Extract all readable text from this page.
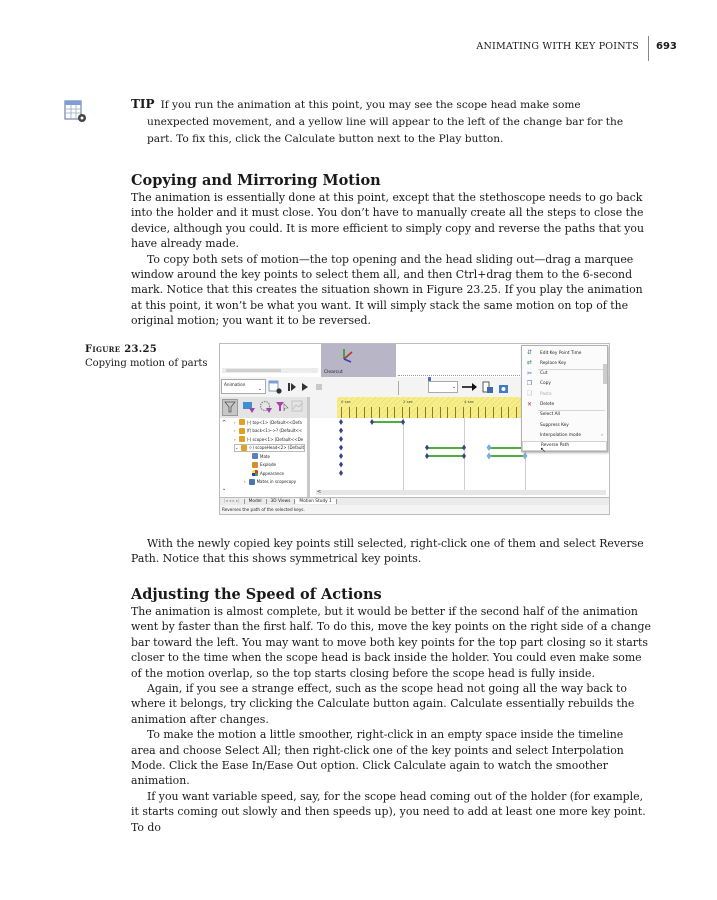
ANIMATING WITH KEY POINTS 693
TIP If you run the animation at this point, you may see the scope head make some unexpected movement, and a yellow line will appear to the left of the change bar for the part. To fix this, click the Calculate button next to the Play button.
Copying and Mirroring Motion

The animation is essentially done at this point, except that the stethoscope needs to go back into the holder and it must close. You don’t have to manually create all the steps to close the device, although you could. It is more efficient to simply copy and reverse the paths that you have already made.

To copy both sets of motion—the top opening and the head sliding out—drag a marquee window around the key points to select them all, and then Ctrl+drag them to the 6-second mark. Notice that this creates the situation shown in Figure 23.25. If you play the animation at this point, it won’t be what you want. It will simply stack the same motion on top of the original motion; you want it to be reversed.

Figure 23.25
Copying motion of parts
Clearcut
Animation
⌄	⌄
0 sec	2 sec	4 sec
^ ›	(-) top<1> (Default<<Defa
›	(f) back<1>->? (Default<<
›	(-) scope<1> (Default<<De
⌄	(-) scopeHead<2> (Default
Mate
Explode
Appearance
›	Mates in scopecopy
⌄	<
⇵ Edit Key Point Time
⇄ Replace Key
✂ Cut
❐ Copy
❏ Paste
✕ Delete
Select All
Suppress Key
Interpolation mode	›
Reverse Path
↖
|◂ ◂ ▸ ▸|	Model	3D Views	Motion Study 1
Reverses the path of the selected keys.

With the newly copied key points still selected, right-click one of them and select Reverse Path. Notice that this shows symmetrical key points.

Adjusting the Speed of Actions

The animation is almost complete, but it would be better if the second half of the animation went by faster than the first half. To do this, move the key points on the right side of a change bar toward the left. You may want to move both key points for the top part closing so it starts closer to the time when the scope head is back inside the holder. You could even make some of the motion overlap, so the top starts closing before the scope head is fully inside.

Again, if you see a strange effect, such as the scope head not going all the way back to where it belongs, try clicking the Calculate button again. Calculate essentially rebuilds the animation after changes.

To make the motion a little smoother, right-click in an empty space inside the timeline area and choose Select All; then right-click one of the key points and select Interpolation Mode. Click the Ease In/Ease Out option. Click Calculate again to watch the smoother animation.

If you want variable speed, say, for the scope head coming out of the holder (for example, it starts coming out slowly and then speeds up), you need to add at least one more key point. To do
